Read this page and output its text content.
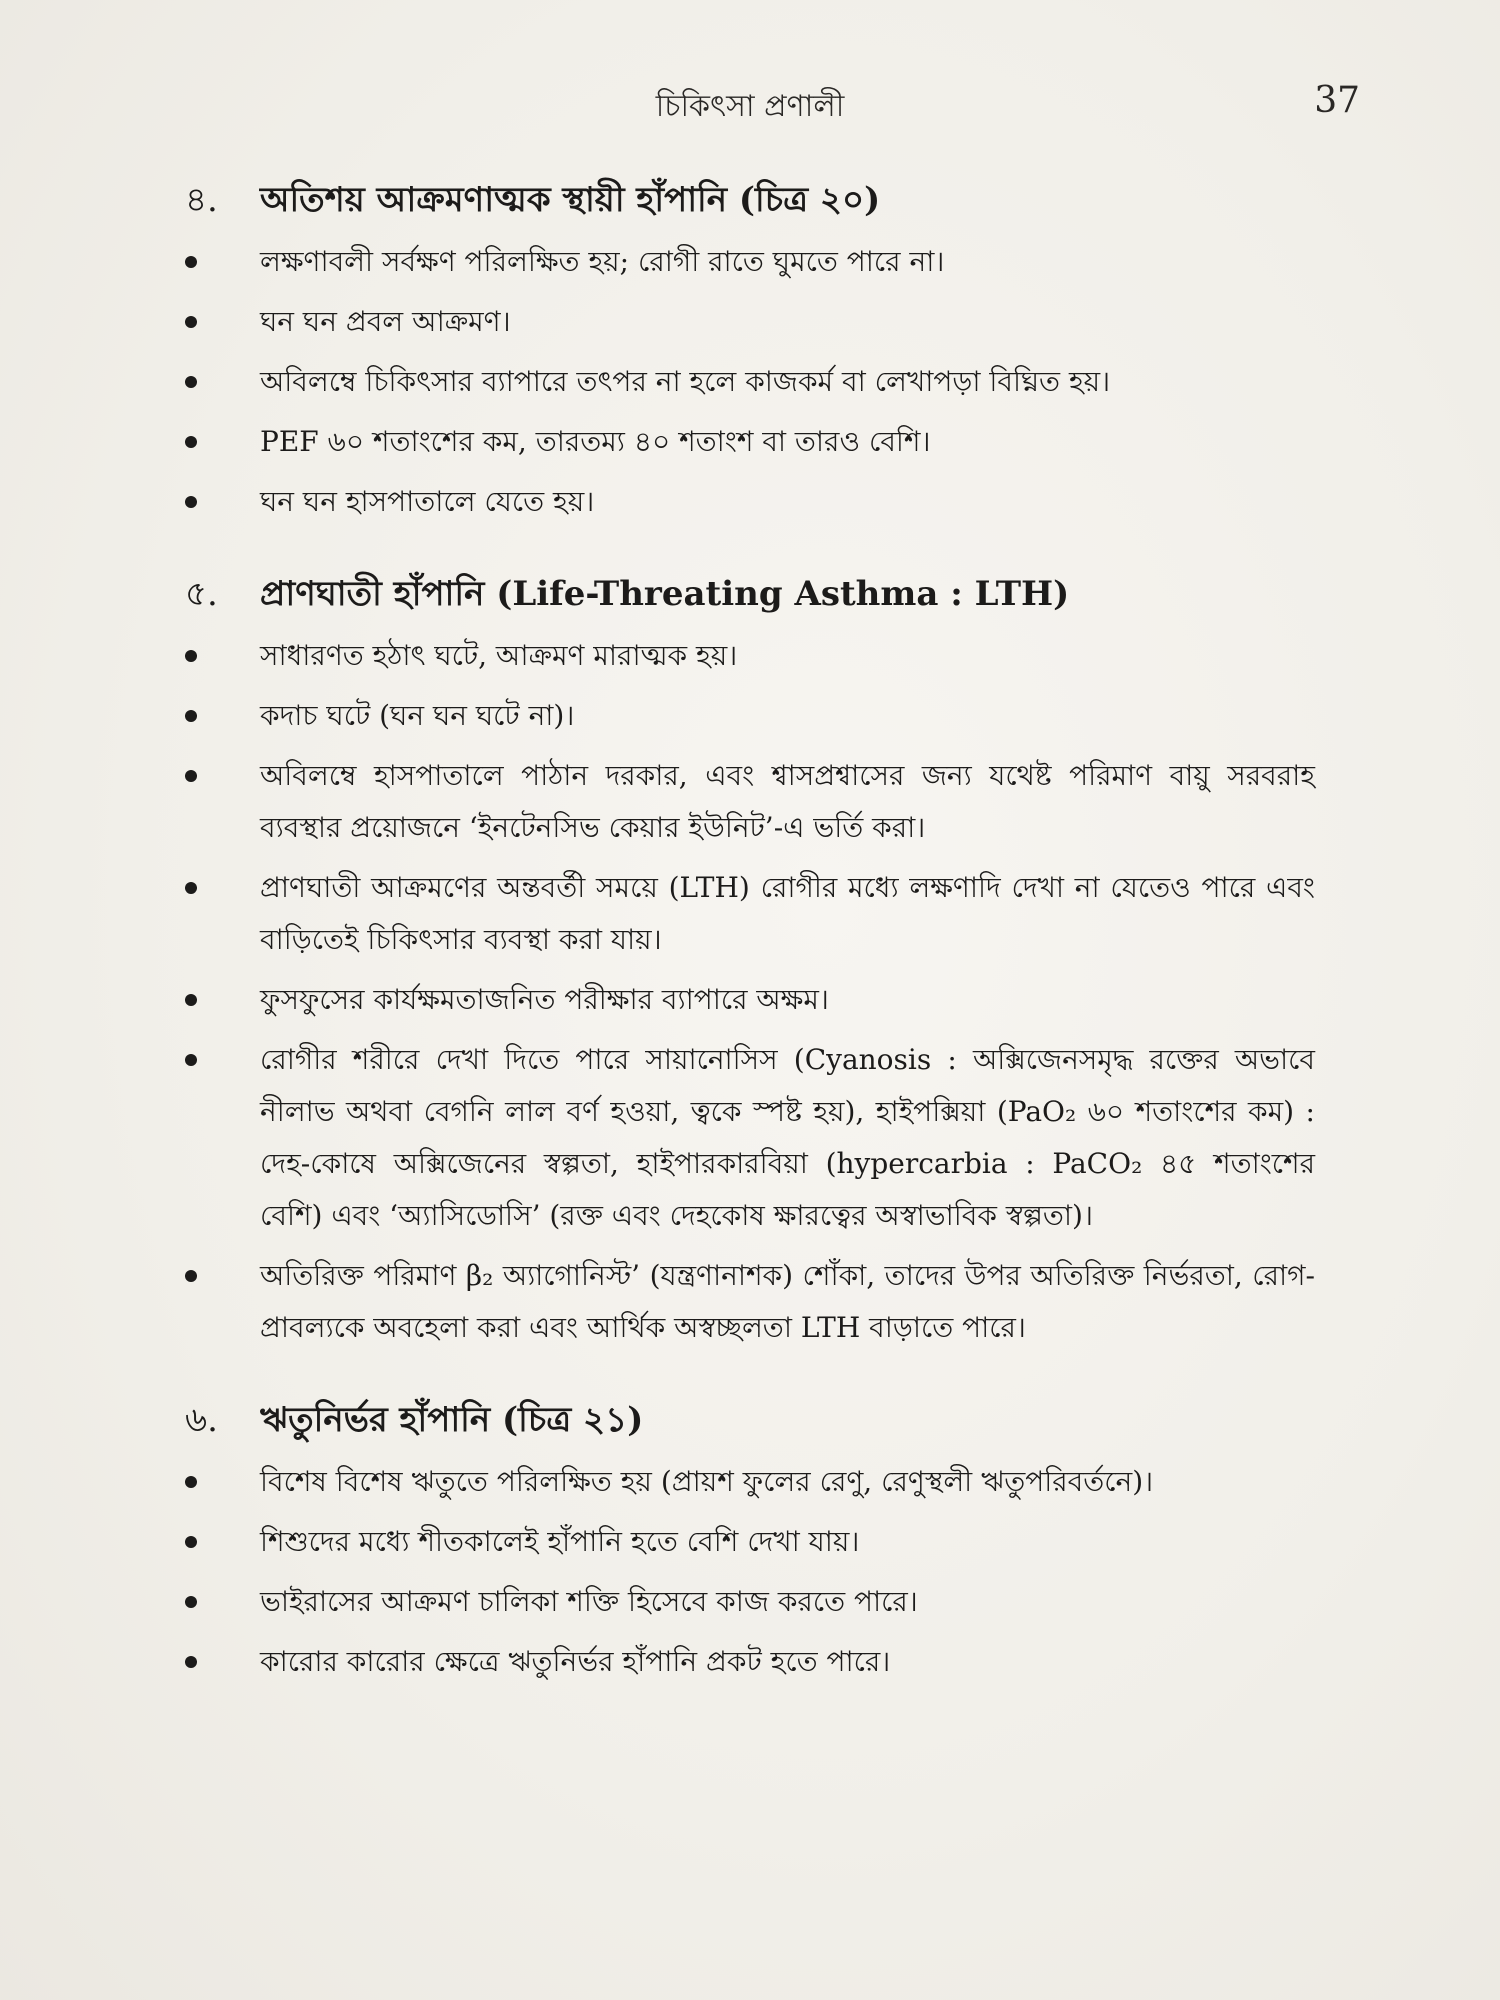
চিকিৎসা প্রণালী	37
৪.	অতিশয় আক্রমণাত্মক স্থায়ী হাঁপানি (চিত্র ২০)
লক্ষণাবলী সর্বক্ষণ পরিলক্ষিত হয়; রোগী রাতে ঘুমতে পারে না।
ঘন ঘন প্রবল আক্রমণ।
অবিলম্বে চিকিৎসার ব্যাপারে তৎপর না হলে কাজকর্ম বা লেখাপড়া বিঘ্নিত হয়।
PEF ৬০ শতাংশের কম, তারতম্য ৪০ শতাংশ বা তারও বেশি।
ঘন ঘন হাসপাতালে যেতে হয়।
৫.	প্রাণঘাতী হাঁপানি (Life-Threating Asthma : LTH)
সাধারণত হঠাৎ ঘটে, আক্রমণ মারাত্মক হয়।
কদাচ ঘটে (ঘন ঘন ঘটে না)।
অবিলম্বে হাসপাতালে পাঠান দরকার, এবং শ্বাসপ্রশ্বাসের জন্য যথেষ্ট পরিমাণ বায়ু সরবরাহ ব্যবস্থার প্রয়োজনে ‘ইনটেনসিভ কেয়ার ইউনিট’-এ ভর্তি করা।
প্রাণঘাতী আক্রমণের অন্তবর্তী সময়ে (LTH) রোগীর মধ্যে লক্ষণাদি দেখা না যেতেও পারে এবং বাড়িতেই চিকিৎসার ব্যবস্থা করা যায়।
ফুসফুসের কার্যক্ষমতাজনিত পরীক্ষার ব্যাপারে অক্ষম।
রোগীর শরীরে দেখা দিতে পারে সায়ানোসিস (Cyanosis : অক্সিজেনসমৃদ্ধ রক্তের অভাবে নীলাভ অথবা বেগনি লাল বর্ণ হওয়া, ত্বকে স্পষ্ট হয়), হাইপক্সিয়া (PaO₂ ৬০ শতাংশের কম) : দেহ-কোষে অক্সিজেনের স্বল্পতা, হাইপারকারবিয়া (hypercarbia : PaCO₂ ৪৫ শতাংশের বেশি) এবং ‘অ্যাসিডোসি’ (রক্ত এবং দেহকোষ ক্ষারত্বের অস্বাভাবিক স্বল্পতা)।
অতিরিক্ত পরিমাণ β₂ অ্যাগোনিস্ট’ (যন্ত্রণানাশক) শোঁকা, তাদের উপর অতিরিক্ত নির্ভরতা, রোগ-প্রাবল্যকে অবহেলা করা এবং আর্থিক অস্বচ্ছলতা LTH বাড়াতে পারে।
৬.	ঋতুনির্ভর হাঁপানি (চিত্র ২১)
বিশেষ বিশেষ ঋতুতে পরিলক্ষিত হয় (প্রায়শ ফুলের রেণু, রেণুস্থলী ঋতুপরিবর্তনে)।
শিশুদের মধ্যে শীতকালেই হাঁপানি হতে বেশি দেখা যায়।
ভাইরাসের আক্রমণ চালিকা শক্তি হিসেবে কাজ করতে পারে।
কারোর কারোর ক্ষেত্রে ঋতুনির্ভর হাঁপানি প্রকট হতে পারে।
